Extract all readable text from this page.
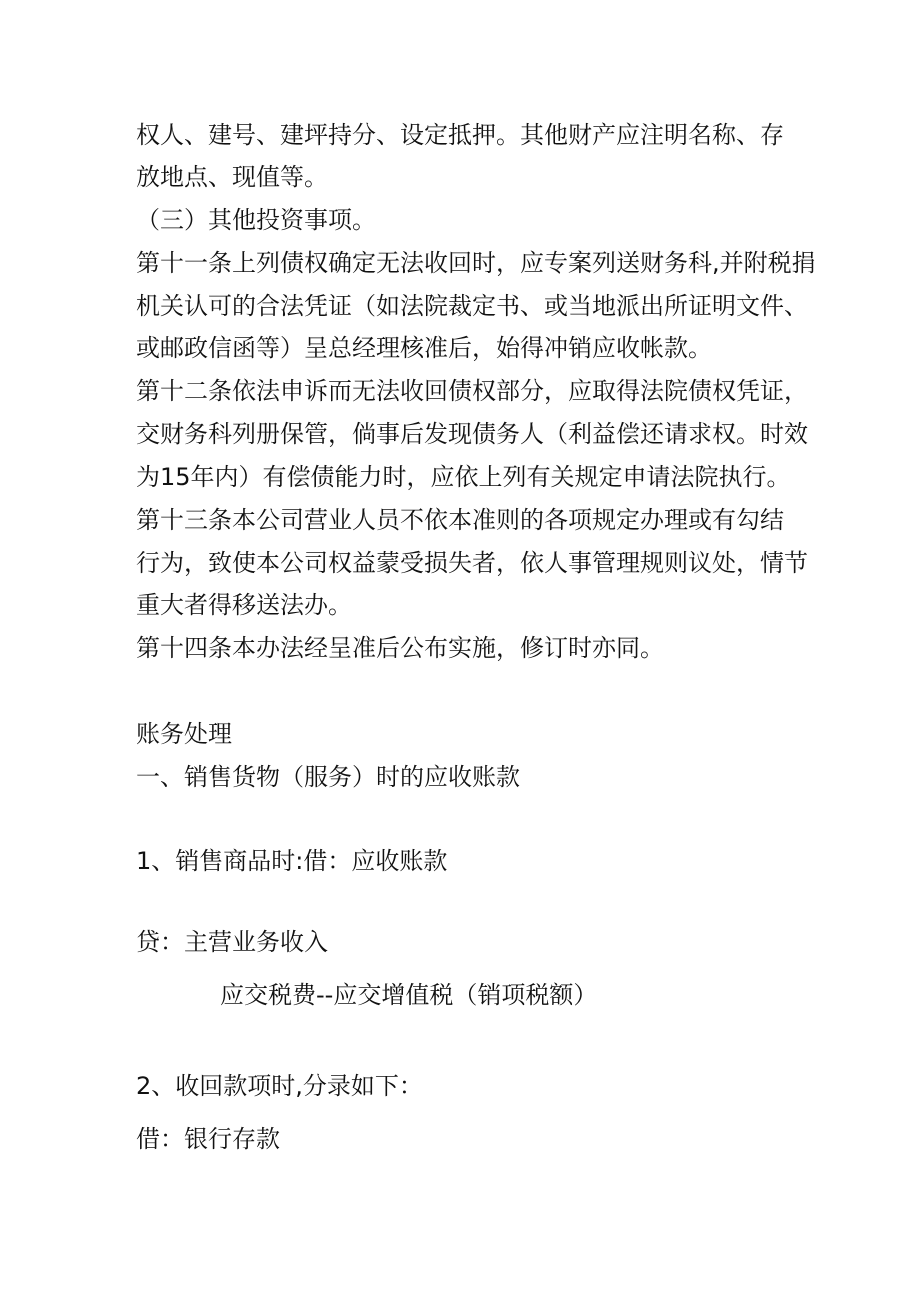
权人、建号、建坪持分、设定抵押。其他财产应注明名称、存
放地点、现值等。
（三）其他投资事项。
第十一条上列债权确定无法收回时，应专案列送财务科,并附税捐
机关认可的合法凭证（如法院裁定书、或当地派出所证明文件、
或邮政信函等）呈总经理核准后，始得冲销应收帐款。
第十二条依法申诉而无法收回债权部分，应取得法院债权凭证，
交财务科列册保管，倘事后发现债务人（利益偿还请求权。时效
为15年内）有偿债能力时，应依上列有关规定申请法院执行。
第十三条本公司营业人员不依本准则的各项规定办理或有勾结
行为，致使本公司权益蒙受损失者，依人事管理规则议处，情节
重大者得移送法办。
第十四条本办法经呈准后公布实施，修订时亦同。
账务处理
一、销售货物（服务）时的应收账款
1、销售商品时:借：应收账款
贷：主营业务收入
应交税费--应交增值税（销项税额）
2、收回款项时,分录如下：
借：银行存款
